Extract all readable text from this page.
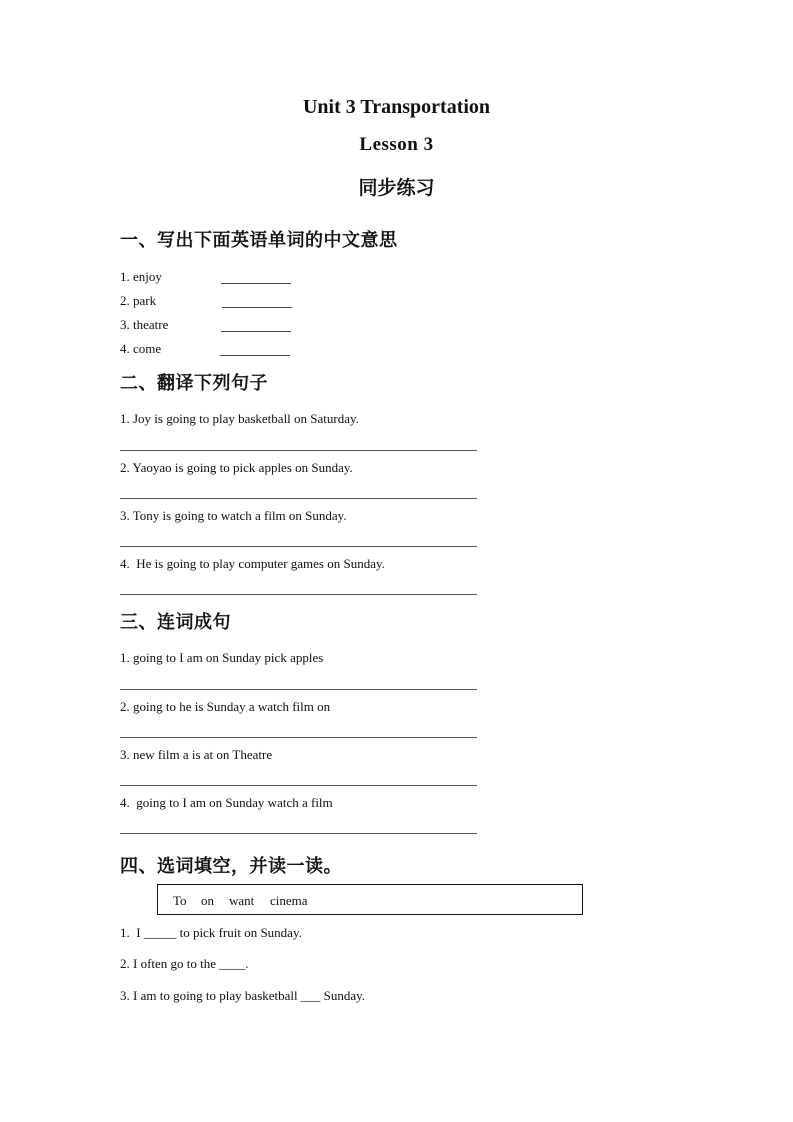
Unit 3 Transportation
Lesson 3
同步练习
一、写出下面英语单词的中文意思
1. enjoy
2. park
3. theatre
4. come
二、翻译下列句子
1. Joy is going to play basketball on Saturday.
2. Yaoyao is going to pick apples on Sunday.
3. Tony is going to watch a film on Sunday.
4.  He is going to play computer games on Sunday.
三、连词成句
1. going to I am on Sunday pick apples
2. going to he is Sunday a watch film on
3. new film a is at on Theatre
4.  going to I am on Sunday watch a film
四、选词填空，并读一读。
To on want cinema
1.  I _____ to pick fruit on Sunday.
2. I often go to the ____.
3. I am to going to play basketball ___ Sunday.
